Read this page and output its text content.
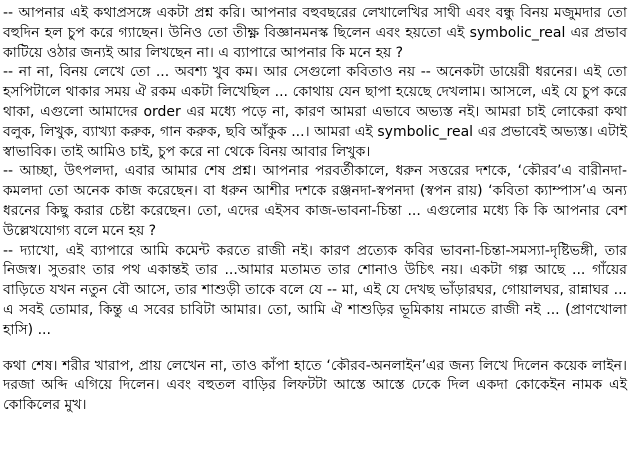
-- আপনার এই কথাপ্রসঙ্গে একটা প্রশ্ন করি। আপনার বহুবছরের লেখালেখির সাথী এবং বন্ধু বিনয় মজুমদার তো বহুদিন হল চুপ করে গ্যাছেন। উনিও তো তীক্ষ্ণ বিজ্ঞানমনস্ক ছিলেন এবং হয়তো এই symbolic_real এর প্রভাব কাটিয়ে ওঠার জন্যই আর লিখছেন না। এ ব্যাপারে আপনার কি মনে হয় ?

-- না না, বিনয় লেখে তো ... অবশ্য খুব কম। আর সেগুলো কবিতাও নয় -- অনেকটা ডায়েরী ধরনের। এই তো হসপিটালে থাকার সময় ঐ রকম একটা লিখেছিল ... কোথায় যেন ছাপা হয়েছে দেখলাম। আসলে, এই যে চুপ করে থাকা, এগুলো আমাদের order এর মধ্যে পড়ে না, কারণ আমরা এভাবে অভ্যস্ত নই। আমরা চাই লোকেরা কথা বলুক, লিখুক, ব্যাখ্যা করুক, গান করুক, ছবি আঁকুক ...। আমরা এই symbolic_real এর প্রভাবেই অভ্যস্ত। এটাই স্বাভাবিক। তাই আমিও চাই, চুপ করে না থেকে বিনয় আবার লিখুক।

-- আচ্ছা, উৎপলদা, এবার আমার শেষ প্রশ্ন। আপনার পরবর্তীকালে, ধরুন সত্তরের দশকে, ‘কৌরব’এ বারীনদা-কমলদা তো অনেক কাজ করেছেন। বা ধরুন আশীর দশকে রঞ্জনদা-স্বপনদা (স্বপন রায়) ‘কবিতা ক্যাম্পাস’এ অন্য ধরনের কিছু করার চেষ্টা করেছেন। তো, এদের এইসব কাজ-ভাবনা-চিন্তা ... এগুলোর মধ্যে কি কি আপনার বেশ উল্লেখযোগ্য বলে মনে হয় ?

-- দ্যাখো, এই ব্যাপারে আমি কমেন্ট করতে রাজী নই। কারণ প্রত্যেক কবির ভাবনা-চিন্তা-সমস্যা-দৃষ্টিভঙ্গী, তার নিজস্ব। সুতরাং তার পথ একান্তই তার ...আমার মতামত তার শোনাও উচিৎ নয়। একটা গল্প আছে ... গাঁয়ের বাড়িতে যখন নতুন বৌ আসে, তার শাশুড়ী তাকে বলে যে -- মা, এই যে দেখছ ভাঁড়ারঘর, গোয়ালঘর, রান্নাঘর ... এ সবই তোমার, কিন্তু এ সবের চাবিটা আমার। তো, আমি ঐ শাশুড়ির ভূমিকায় নামতে রাজী নই ... (প্রাণখোলা হাসি) ...

কথা শেষ। শরীর খারাপ, প্রায় লেখেন না, তাও কাঁপা হাতে ‘কৌরব-অনলাইন’এর জন্য লিখে দিলেন কয়েক লাইন। দরজা অব্দি এগিয়ে দিলেন। এবং বহুতল বাড়ির লিফটটা আস্তে আস্তে ঢেকে দিল একদা কোকেইন নামক এই কোকিলের মুখ।
